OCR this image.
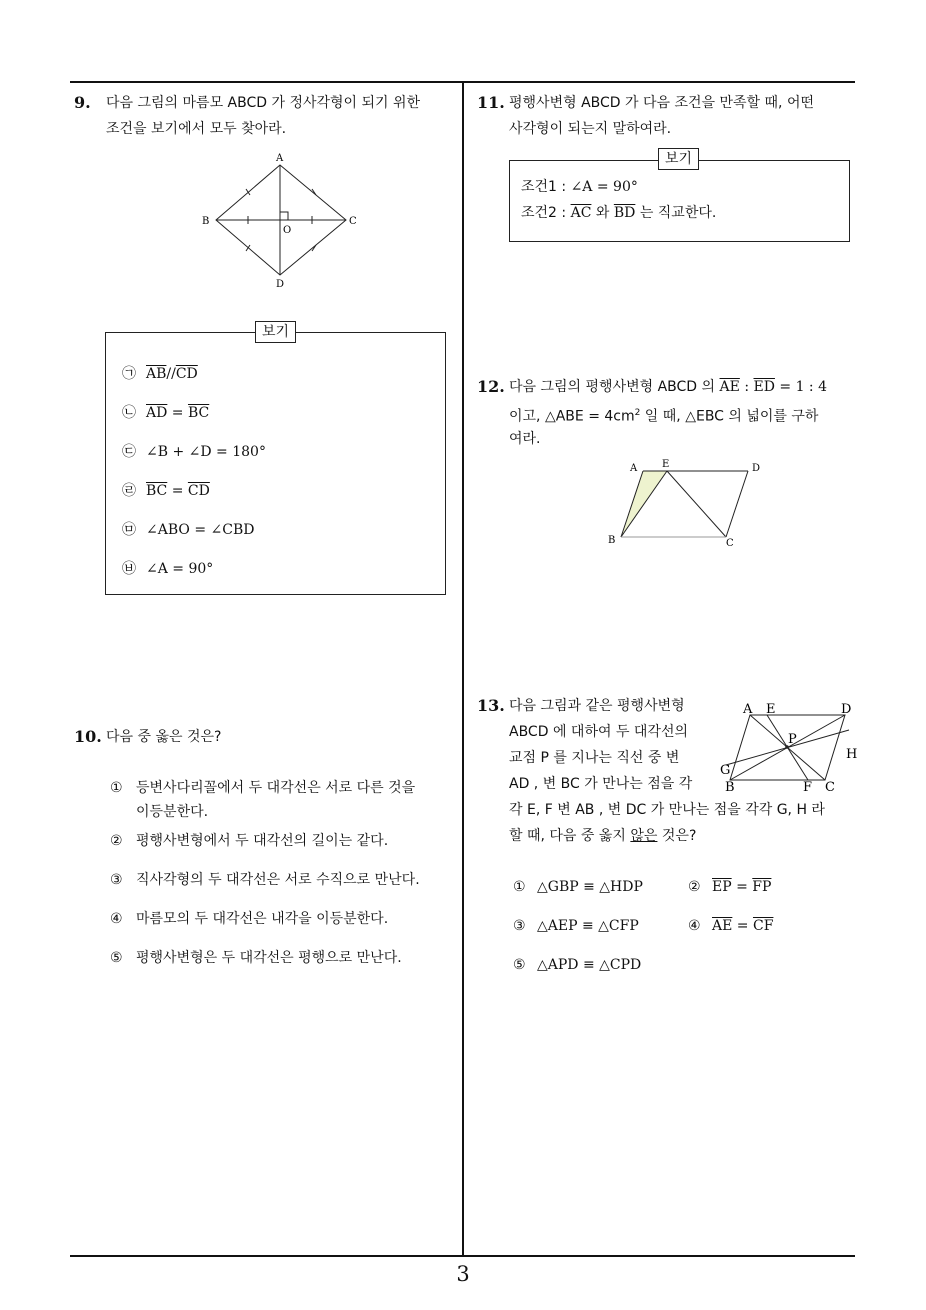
3
9. 다음 그림의 마름모 ABCD 가 정사각형이 되기 위한
조건을 보기에서 모두 찾아라.
A
B	C
D
O
보기
㉠ $\overline{AB}//\overline{CD}$
㉡ $\overline{AD} = \overline{BC}$
㉢ ∠B + ∠D = 180°
㉣ $\overline{BC} = \overline{CD}$
㉤ ∠ABO = ∠CBD
㉥ ∠A = 90°
10. 다음 중 옳은 것은?
① 등변사다리꼴에서 두 대각선은 서로 다른 것을
이등분한다.
② 평행사변형에서 두 대각선의 길이는 같다.
③ 직사각형의 두 대각선은 서로 수직으로 만난다.
④ 마름모의 두 대각선은 내각을 이등분한다.
⑤ 평행사변형은 두 대각선은 평행으로 만난다.
11. 평행사변형 ABCD 가 다음 조건을 만족할 때, 어떤
사각형이 되는지 말하여라.
보기
조건1 : ∠A = 90°
조건2 : $\overline{AC}$ 와 $\overline{BD}$ 는 직교한다.
12. 다음 그림의 평행사변형 ABCD 의 $\overline{AE}$ : $\overline{ED} = 1$ : 4
이고, △ABE = $4cm^2$ 일 때, △EBC 의 넓이를 구하
여라.
A E	D
B	C
13. 다음 그림과 같은 평행사변형
ABCD 에 대하여 두 대각선의
교점 P 를 지나는 직선 중 변
AD , 변 BC 가 만나는 점을 각
각 E, F 변 AB , 변 DC 가 만나는 점을 각각 G, H 라
할 때, 다음 중 옳지 않은 것은?
A E	D
H
P
G
B	F C
① △GBP ≡ △HDP	② $\overline{EP} = \overline{FP}$
③ △AEP ≡ △CFP	④ $\overline{AE} = \overline{CF}$
⑤ △APD ≡ △CPD
